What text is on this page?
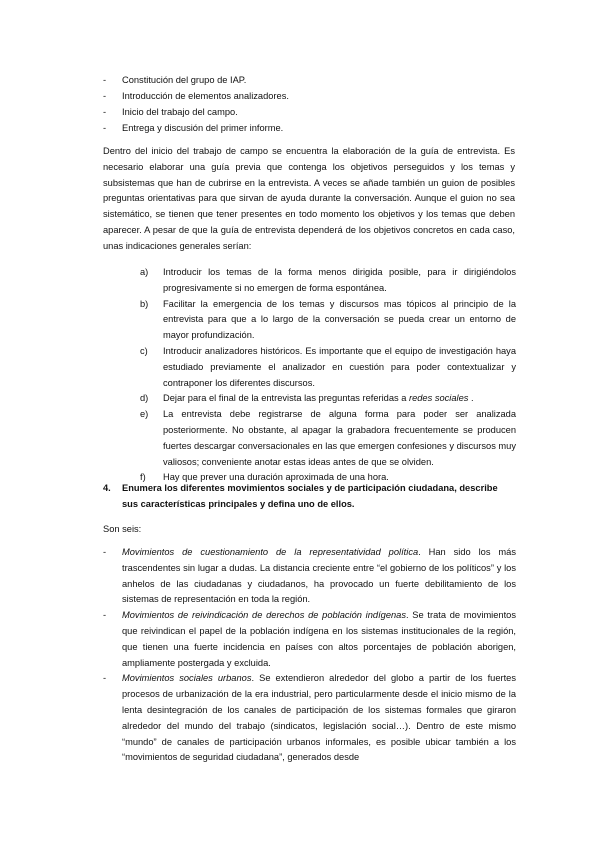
-	Constitución del grupo de IAP.
-	Introducción de elementos analizadores.
-	Inicio del trabajo del campo.
-	Entrega y discusión del primer informe.

Dentro del inicio del trabajo de campo se encuentra la elaboración de la guía de entrevista. Es necesario elaborar una guía previa que contenga los objetivos perseguidos y los temas y subsistemas que han de cubrirse en la entrevista. A veces se añade también un guion de posibles preguntas orientativas para que sirvan de ayuda durante la conversación. Aunque el guion no sea sistemático, se tienen que tener presentes en todo momento los objetivos y los temas que deben aparecer. A pesar de que la guía de entrevista dependerá de los objetivos concretos en cada caso, unas indicaciones generales serían:

a)	Introducir los temas de la forma menos dirigida posible, para ir dirigiéndolos progresivamente si no emergen de forma espontánea.
b)	Facilitar la emergencia de los temas y discursos mas tópicos al principio de la entrevista para que a lo largo de la conversación se pueda crear un entorno de mayor profundización.
c)	Introducir analizadores históricos. Es importante que el equipo de investigación haya estudiado previamente el analizador en cuestión para poder contextualizar y contraponer los diferentes discursos.
d)	Dejar para el final de la entrevista las preguntas referidas a redes sociales .
e)	La entrevista debe registrarse de alguna forma para poder ser analizada posteriormente. No obstante, al apagar la grabadora frecuentemente se producen fuertes descargar conversacionales en las que emergen confesiones y discursos muy valiosos; conveniente anotar estas ideas antes de que se olviden.
f)	Hay que prever una duración aproximada de una hora.
4.	Enumera los diferentes movimientos sociales y de participación ciudadana, describe sus características principales y defina uno de ellos.
Son seis:
-	Movimientos de cuestionamiento de la representatividad política. Han sido los más trascendentes sin lugar a dudas. La distancia creciente entre “el gobierno de los políticos” y los anhelos de las ciudadanas y ciudadanos, ha provocado un fuerte debilitamiento de los sistemas de representación en toda la región.
-	Movimientos de reivindicación de derechos de población indígenas. Se trata de movimientos que reivindican el papel de la población indígena en los sistemas institucionales de la región, que tienen una fuerte incidencia en países con altos porcentajes de población aborigen, ampliamente postergada y excluida.
-	Movimientos sociales urbanos. Se extendieron alrededor del globo a partir de los fuertes procesos de urbanización de la era industrial, pero particularmente desde el inicio mismo de la lenta desintegración de los canales de participación de los sistemas formales que giraron alrededor del mundo del trabajo (sindicatos, legislación social…). Dentro de este mismo “mundo” de canales de participación urbanos informales, es posible ubicar también a los “movimientos de seguridad ciudadana”, generados desde
